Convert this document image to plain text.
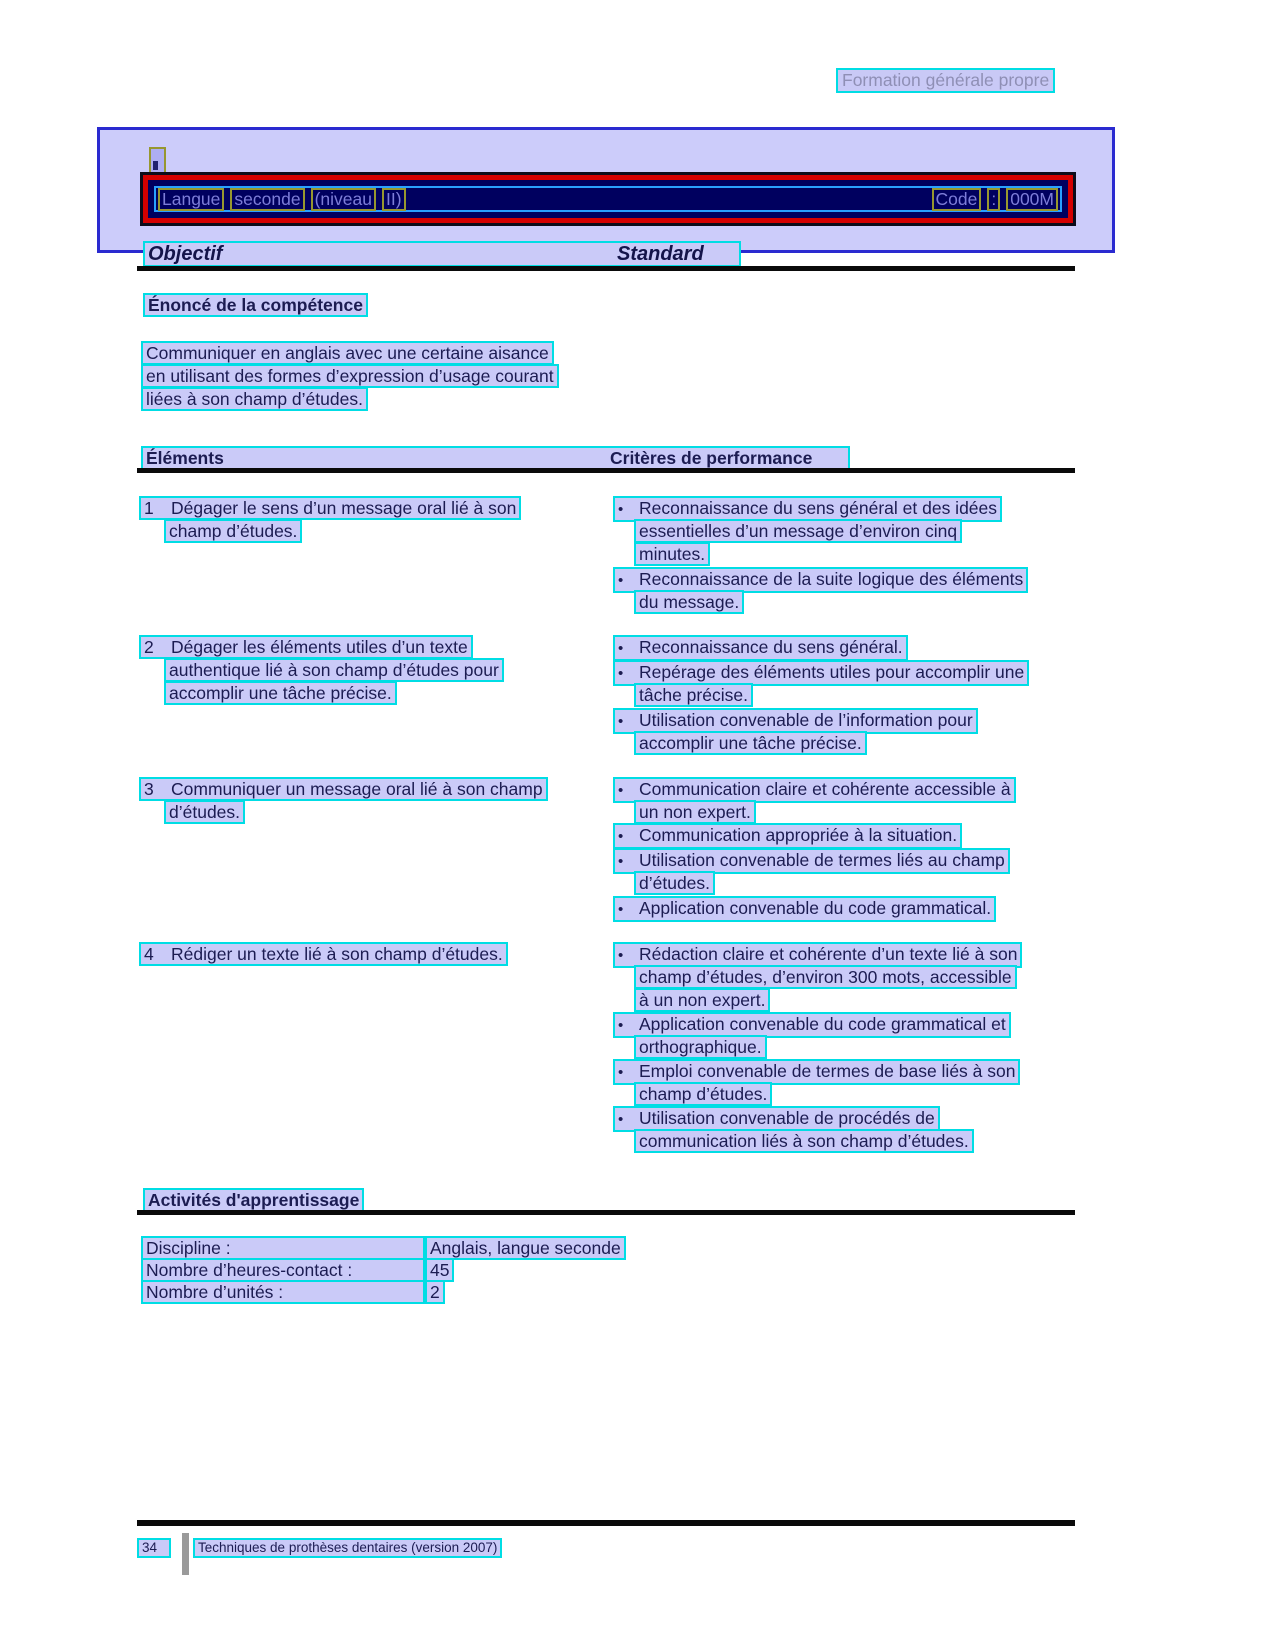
Formation générale propre
Langue seconde (niveau II)	Code : 000M
Objectif	Standard
Énoncé de la compétence
Communiquer en anglais avec une certaine aisance
en utilisant des formes d’expression d’usage courant
liées à son champ d’études.
Éléments	Critères de performance
1 Dégager le sens d’un message oral lié à son
champ d’études.
• Reconnaissance du sens général et des idées
essentielles d’un message d’environ cinq
minutes.
• Reconnaissance de la suite logique des éléments
du message.
2 Dégager les éléments utiles d’un texte
authentique lié à son champ d’études pour
accomplir une tâche précise.
• Reconnaissance du sens général.
• Repérage des éléments utiles pour accomplir une
tâche précise.
• Utilisation convenable de l’information pour
accomplir une tâche précise.
3 Communiquer un message oral lié à son champ
d’études.
• Communication claire et cohérente accessible à
un non expert.
• Communication appropriée à la situation.
• Utilisation convenable de termes liés au champ
d’études.
• Application convenable du code grammatical.
4 Rédiger un texte lié à son champ d’études.	• Rédaction claire et cohérente d’un texte lié à son
champ d’études, d’environ 300 mots, accessible
à un non expert.
• Application convenable du code grammatical et
orthographique.
• Emploi convenable de termes de base liés à son
champ d’études.
• Utilisation convenable de procédés de
communication liés à son champ d’études.
Activités d'apprentissage
Discipline :	Anglais, langue seconde
Nombre d’heures-contact :	45
Nombre d’unités :	2
34	Techniques de prothèses dentaires (version 2007)
